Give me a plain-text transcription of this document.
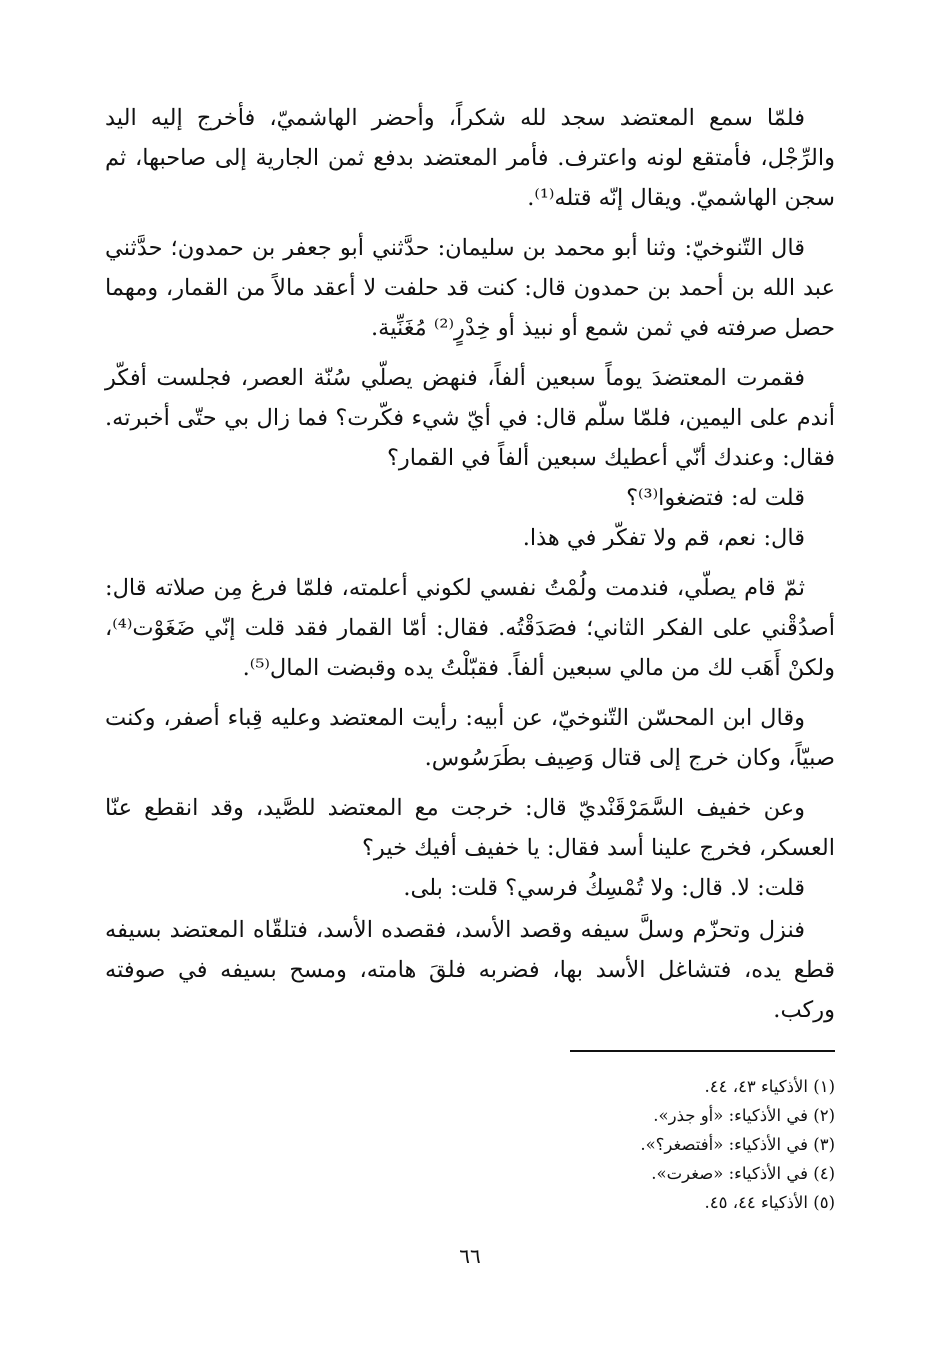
فلمّا سمع المعتضد سجد لله شكراً، وأحضر الهاشميّ، فأخرج إليه اليد والرِّجْل، فأمتقع لونه واعترف. فأمر المعتضد بدفع ثمن الجارية إلى صاحبها، ثم سجن الهاشميّ. ويقال إنّه قتله⁽¹⁾.

قال التّنوخيّ: وثنا أبو محمد بن سليمان: حدَّثني أبو جعفر بن حمدون؛ حدَّثني عبد الله بن أحمد بن حمدون قال: كنت قد حلفت لا أعقد مالاً من القمار، ومهما حصل صرفته في ثمن شمع أو نبيذ أو خِدْرٍ⁽²⁾ مُغَنِّية.

فقمرت المعتضدَ يوماً سبعين ألفاً، فنهض يصلّي سُنّة العصر، فجلست أفكّر أندم على اليمين، فلمّا سلّم قال: في أيّ شيء فكّرت؟ فما زال بي حتّى أخبرته. فقال: وعندك أنّي أعطيك سبعين ألفاً في القمار؟

قلت له: فتضغوا⁽³⁾؟

قال: نعم، قم ولا تفكّر في هذا.

ثمّ قام يصلّي، فندمت ولُمْتُ نفسي لكوني أعلمته، فلمّا فرغ مِن صلاته قال: أصدُقْني على الفكر الثاني؛ فصَدَقْتُه. فقال: أمّا القمار فقد قلت إنّي ضَغَوْت⁽⁴⁾، ولكنْ أَهَب لك من مالي سبعين ألفاً. فقبّلْتُ يده وقبضت المال⁽⁵⁾.

وقال ابن المحسّن التّنوخيّ، عن أبيه: رأيت المعتضد وعليه قِباء أصفر، وكنت صبيّاً، وكان خرج إلى قتال وَصِيف بطَرَسُوس.

وعن خفيف السَّمَرْقَنْديّ قال: خرجت مع المعتضد للصَّيد، وقد انقطع عنّا العسكر، فخرج علينا أسد فقال: يا خفيف أفيك خير؟

قلت: لا. قال: ولا تُمْسِكُ فرسي؟ قلت: بلى.

فنزل وتحزّم وسلَّ سيفه وقصد الأسد، فقصده الأسد، فتلقّاه المعتضد بسيفه قطع يده، فتشاغل الأسد بها، فضربه فلقَ هامته، ومسح بسيفه في صوفته وركب.

(١) الأذكياء ٤٣، ٤٤.

(٢) في الأذكياء: «أو جذر».

(٣) في الأذكياء: «أفتصغر؟».

(٤) في الأذكياء: «صغرت».

(٥) الأذكياء ٤٤، ٤٥.

٦٦
